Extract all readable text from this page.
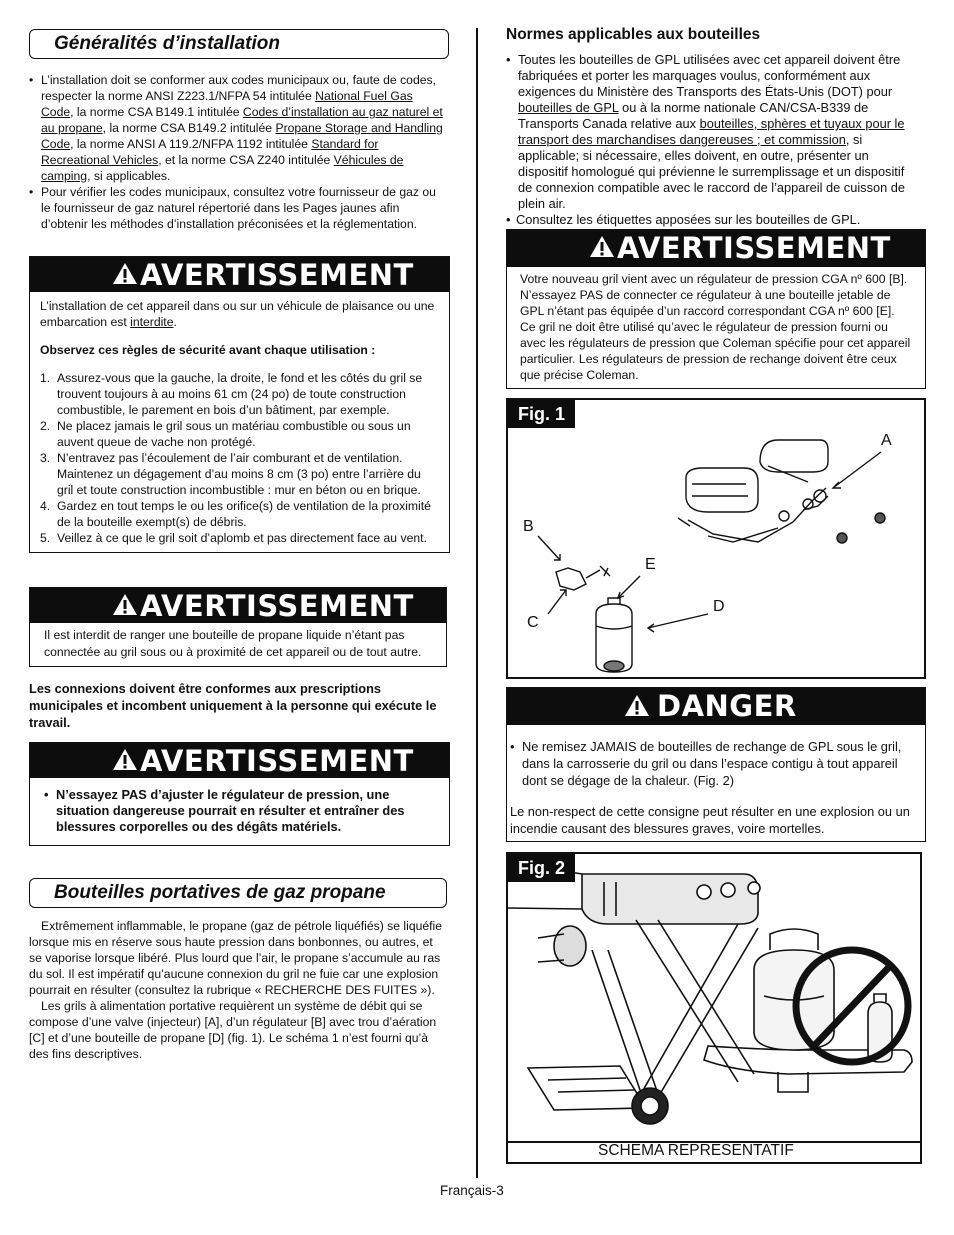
Généralités d’installation
• L’installation doit se conformer aux codes municipaux ou, faute de codes, respecter la norme ANSI Z223.1/NFPA 54 intitulée National Fuel Gas Code, la norme CSA B149.1 intitulée Codes d’installation au gaz naturel et au propane, la norme CSA B149.2 intitulée Propane Storage and Handling Code, la norme ANSI A 119.2/NFPA 1192 intitulée Standard for Recreational Vehicles, et la norme CSA Z240 intitulée Véhicules de camping, si applicables.
• Pour vérifier les codes municipaux, consultez votre fournisseur de gaz ou le fournisseur de gaz naturel répertorié dans les Pages jaunes afin d’obtenir les méthodes d’installation préconisées et la réglementation.
AVERTISSEMENT
L’installation de cet appareil dans ou sur un véhicule de plaisance ou une embarcation est interdite.
Observez ces règles de sécurité avant chaque utilisation :
1. Assurez-vous que la gauche, la droite, le fond et les côtés du gril se trouvent toujours à au moins 61 cm (24 po) de toute construction combustible, le parement en bois d’un bâtiment, par exemple.
2. Ne placez jamais le gril sous un matériau combustible ou sous un auvent queue de vache non protégé.
3. N’entravez pas l’écoulement de l’air comburant et de ventilation. Maintenez un dégagement d’au moins 8 cm (3 po) entre l’arrière du gril et toute construction incombustible : mur en béton ou en brique.
4. Gardez en tout temps le ou les orifice(s) de ventilation de la proximité de la bouteille exempt(s) de débris.
5. Veillez à ce que le gril soit d’aplomb et pas directement face au vent.
AVERTISSEMENT
Il est interdit de ranger une bouteille de propane liquide n’étant pas connectée au gril sous ou à proximité de cet appareil ou de tout autre.
Les connexions doivent être conformes aux prescriptions municipales et incombent uniquement à la personne qui exécute le travail.
AVERTISSEMENT
• N’essayez PAS d’ajuster le régulateur de pression, une situation dangereuse pourrait en résulter et entraîner des blessures corporelles ou des dégâts matériels.
Bouteilles portatives de gaz propane
Extrêmement inflammable, le propane (gaz de pétrole liquéfiés) se liquéfie lorsque mis en réserve sous haute pression dans bonbonnes, ou autres, et se vaporise lorsque libéré. Plus lourd que l’air, le propane s’accumule au ras du sol. Il est impératif qu’aucune connexion du gril ne fuie car une explosion pourrait en résulter (consultez la rubrique « RECHERCHE DES FUITES »).
Les grils à alimentation portative requièrent un système de débit qui se compose d’une valve (injecteur) [A], d’un régulateur [B] avec trou d’aération [C] et d’une bouteille de propane [D] (fig. 1). Le schéma 1 n’est fourni qu’à des fins descriptives.
Normes applicables aux bouteilles
• Toutes les bouteilles de GPL utilisées avec cet appareil doivent être fabriquées et porter les marquages voulus, conformément aux exigences du Ministère des Transports des États-Unis (DOT) pour bouteilles de GPL ou à la norme nationale CAN/CSA-B339 de Transports Canada relative aux bouteilles, sphères et tuyaux pour le transport des marchandises dangereuses ; et commission, si applicable; si nécessaire, elles doivent, en outre, présenter un dispositif homologué qui prévienne le surremplissage et un dispositif de connexion compatible avec le raccord de l’appareil de cuisson de plein air.
• Consultez les étiquettes apposées sur les bouteilles de GPL.
AVERTISSEMENT
Votre nouveau gril vient avec un régulateur de pression CGA nº 600 [B]. N’essayez PAS de connecter ce régulateur à une bouteille jetable de GPL n’étant pas équipée d’un raccord correspondant CGA nº 600 [E]. Ce gril ne doit être utilisé qu’avec le régulateur de pression fourni ou avec les régulateurs de pression que Coleman spécifie pour cet appareil particulier. Les régulateurs de pression de rechange doivent être ceux que précise Coleman.
Fig. 1
A
B
E
D
C
DANGER
• Ne remisez JAMAIS de bouteilles de rechange de GPL sous le gril, dans la carrosserie du gril ou dans l’espace contigu à tout appareil dont se dégage de la chaleur. (Fig. 2)
Le non-respect de cette consigne peut résulter en une explosion ou un incendie causant des blessures graves, voire mortelles.
Fig. 2
SCHEMA REPRESENTATIF
Français-3
